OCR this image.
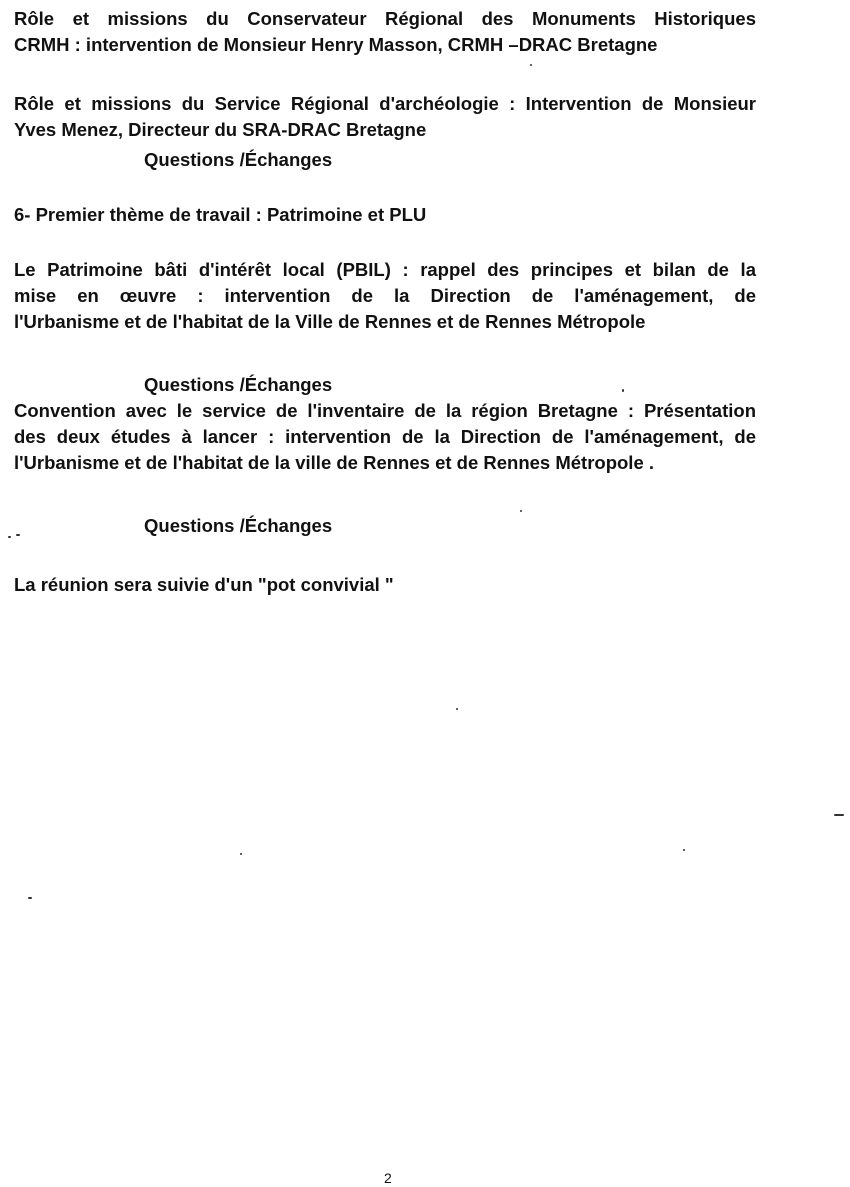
Rôle et missions du Conservateur Régional des Monuments Historiques
CRMH : intervention de Monsieur Henry Masson, CRMH –DRAC Bretagne

Rôle et missions du Service Régional d'archéologie : Intervention de Monsieur
Yves Menez, Directeur du SRA-DRAC Bretagne

Questions /Échanges

6- Premier thème de travail : Patrimoine et PLU

Le Patrimoine bâti d'intérêt local (PBIL) : rappel des principes et bilan de la
mise en œuvre : intervention de la Direction de l'aménagement, de
l'Urbanisme et de l'habitat de la Ville de Rennes et de Rennes Métropole

Questions /Échanges

Convention avec le service de l'inventaire de la région Bretagne : Présentation
des deux études à lancer : intervention de la Direction de l'aménagement, de
l'Urbanisme et de l'habitat de la ville de Rennes et de Rennes Métropole .

Questions /Échanges

La réunion sera suivie d'un "pot convivial "

2
